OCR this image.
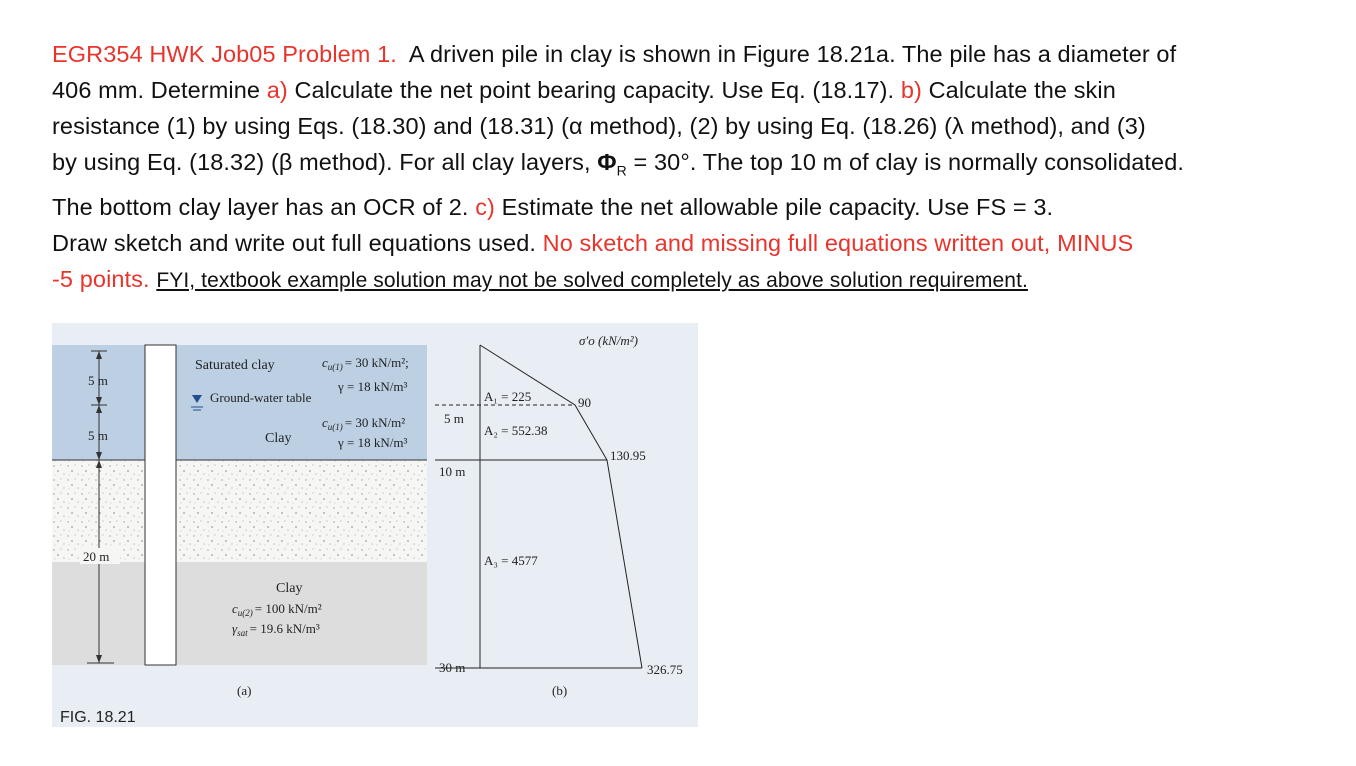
EGR354 HWK Job05 Problem 1. A driven pile in clay is shown in Figure 18.21a. The pile has a diameter of
406 mm. Determine a) Calculate the net point bearing capacity. Use Eq. (18.17). b) Calculate the skin
resistance (1) by using Eqs. (18.30) and (18.31) (α method), (2) by using Eq. (18.26) (λ method), and (3)
by using Eq. (18.32) (β method). For all clay layers, $\Phi_R = 30^\circ$. The top 10 m of clay is normally consolidated.
The bottom clay layer has an OCR of 2. c) Estimate the net allowable pile capacity. Use FS = 3.
Draw sketch and write out full equations used. No sketch and missing full equations written out, MINUS
-5 points. FYI, textbook example solution may not be solved completely as above solution requirement.
5 m
5 m
20 m
Saturated clay	$c_{u(1)} = 30$ kN/m²;
γ = 18 kN/m³
Ground-water table
$c_{u(1)} = 30$ kN/m²
Clay	γ = 18 kN/m³
Clay
$c_{u(2)} = 100$ kN/m²
$\gamma_{sat} = 19.6$ kN/m³
(a)
σ′o (kN/m²)
5 m
10 m
30 m
A₁ = 225
A₂ = 552.38
A₃ = 4577
90
130.95
326.75
(b)
FIG. 18.21
